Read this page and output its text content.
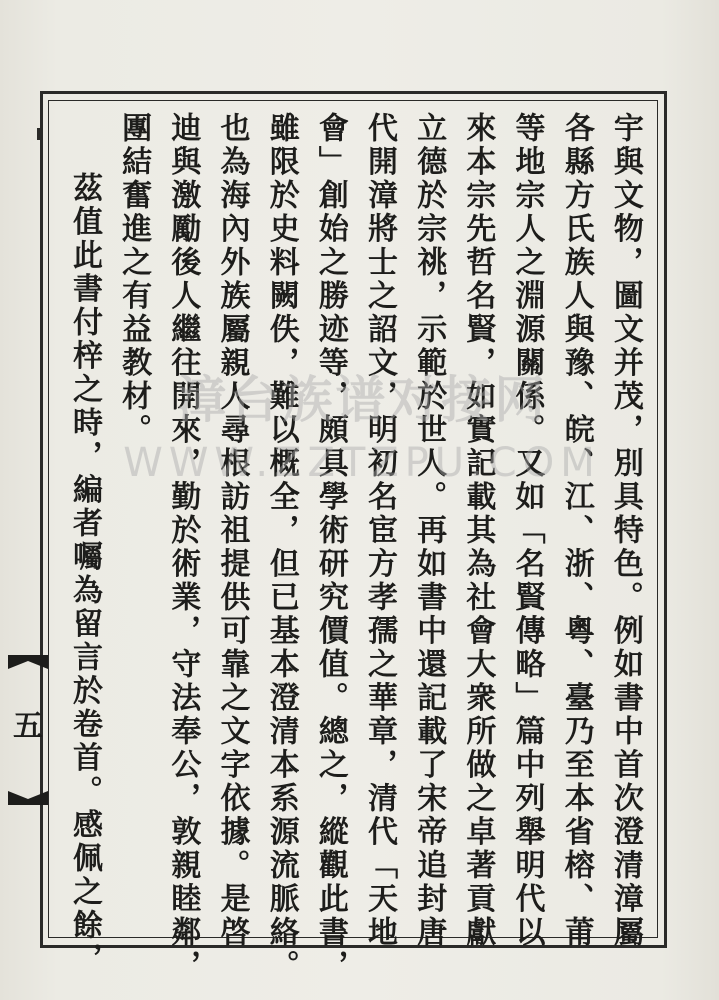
宇與文物，圖文并茂，別具特色。例如書中首次澄清漳屬
各縣方氏族人與豫、皖、江、浙、粵、臺乃至本省榕、莆
等地宗人之淵源關係。又如「名賢傳略」篇中列舉明代以
來本宗先哲名賢，如實記載其為社會大衆所做之卓著貢獻
立德於宗祧，示範於世人。再如書中還記載了宋帝追封唐
代開漳將士之詔文，明初名宦方孝孺之華章，清代「天地
會」創始之勝迹等，頗具學術研究價值。總之，縱觀此書，
雖限於史料闕佚，難以概全，但已基本澄清本系源流脈絡。
也為海內外族屬親人尋根訪祖提供可靠之文字依據。是啓
迪與激勵後人繼往開來，勤於術業，守法奉公，敦親睦鄰，
團結奮進之有益教材。
茲值此書付梓之時，編者囑為留言於卷首。感佩之餘，	漳台族谱对接网
WWW.ZZTZPU.COM
五
